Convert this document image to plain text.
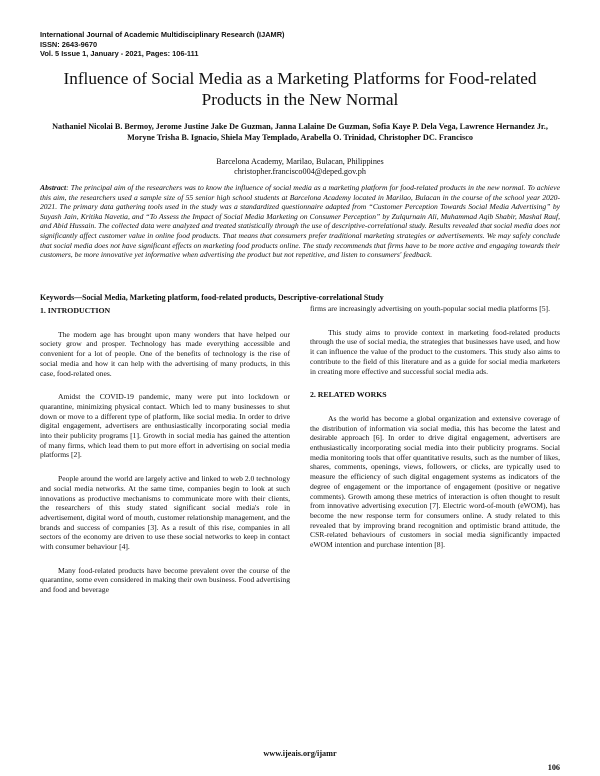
International Journal of Academic Multidisciplinary Research (IJAMR)
ISSN: 2643-9670
Vol. 5 Issue 1, January - 2021, Pages: 106-111
Influence of Social Media as a Marketing Platforms for Food-related Products in the New Normal
Nathaniel Nicolai B. Bermoy, Jerome Justine Jake De Guzman, Janna Lalaine De Guzman, Sofia Kaye P. Dela Vega, Lawrence Hernandez Jr., Moryne Trisha B. Ignacio, Shiela May Templado, Arabella O. Trinidad, Christopher DC. Francisco
Barcelona Academy, Marilao, Bulacan, Philippines
christopher.francisco004@deped.gov.ph
Abstract: The principal aim of the researchers was to know the influence of social media as a marketing platform for food-related products in the new normal. To achieve this aim, the researchers used a sample size of 55 senior high school students at Barcelona Academy located in Marilao, Bulacan in the course of the school year 2020-2021. The primary data gathering tools used in the study was a standardized questionnaire adapted from “Customer Perception Towards Social Media Advertising” by Suyash Jain, Kritika Navetia, and “To Assess the Impact of Social Media Marketing on Consumer Perception” by Zulqurnain Ali, Muhammad Aqib Shabir, Mashal Rauf, and Abid Hussain. The collected data were analyzed and treated statistically through the use of descriptive-correlational study. Results revealed that social media does not significantly affect customer value in online food products. That means that consumers prefer traditional marketing strategies or advertisements. We may safely conclude that social media does not have significant effects on marketing food products online. The study recommends that firms have to be more active and engaging towards their customers, be more innovative yet informative when advertising the product but not repetitive, and listen to consumers' feedback.
Keywords—Social Media, Marketing platform, food-related products, Descriptive-correlational Study
1. INTRODUCTION

The modern age has brought upon many wonders that have helped our society grow and prosper. Technology has made everything accessible and convenient for a lot of people. One of the benefits of technology is the rise of social media and how it can help with the advertising of many products, in this case, food-related ones.

Amidst the COVID-19 pandemic, many were put into lockdown or quarantine, minimizing physical contact. Which led to many businesses to shut down or move to a different type of platform, like social media. In order to drive digital engagement, advertisers are enthusiastically incorporating social media into their publicity programs [1]. Growth in social media has gained the attention of many firms, which lead them to put more effort in advertising on social media platforms [2].

People around the world are largely active and linked to web 2.0 technology and social media networks. At the same time, companies begin to look at such innovations as productive mechanisms to communicate more with their clients, the researchers of this study stated significant social media's role in advertisement, digital word of mouth, customer relationship management, and the brands and success of companies [3]. As a result of this rise, companies in all sectors of the economy are driven to use these social networks to keep in contact with consumer behaviour [4].

Many food-related products have become prevalent over the course of the quarantine, some even considered in making their own business. Food advertising and food and beverage

firms are increasingly advertising on youth-popular social media platforms [5].

This study aims to provide context in marketing food-related products through the use of social media, the strategies that businesses have used, and how it can influence the value of the product to the customers. This study also aims to contribute to the field of this literature and as a guide for social media marketers in creating more effective and successful social media ads.

2. RELATED WORKS

As the world has become a global organization and extensive coverage of the distribution of information via social media, this has become the latest and desirable approach [6]. In order to drive digital engagement, advertisers are enthusiastically incorporating social media into their publicity programs. Social media monitoring tools that offer quantitative results, such as the number of likes, shares, comments, openings, views, followers, or clicks, are typically used to measure the efficiency of such digital engagement systems as indicators of the degree of engagement or the importance of engagement (positive or negative comments). Growth among these metrics of interaction is often thought to result from innovative advertising execution [7]. Electric word-of-mouth (eWOM), has become the new response term for consumers online. A study related to this revealed that by improving brand recognition and optimistic brand attitude, the CSR-related behaviours of customers in social media significantly impacted eWOM intention and purchase intention [8].

www.ijeais.org/ijamr
106
